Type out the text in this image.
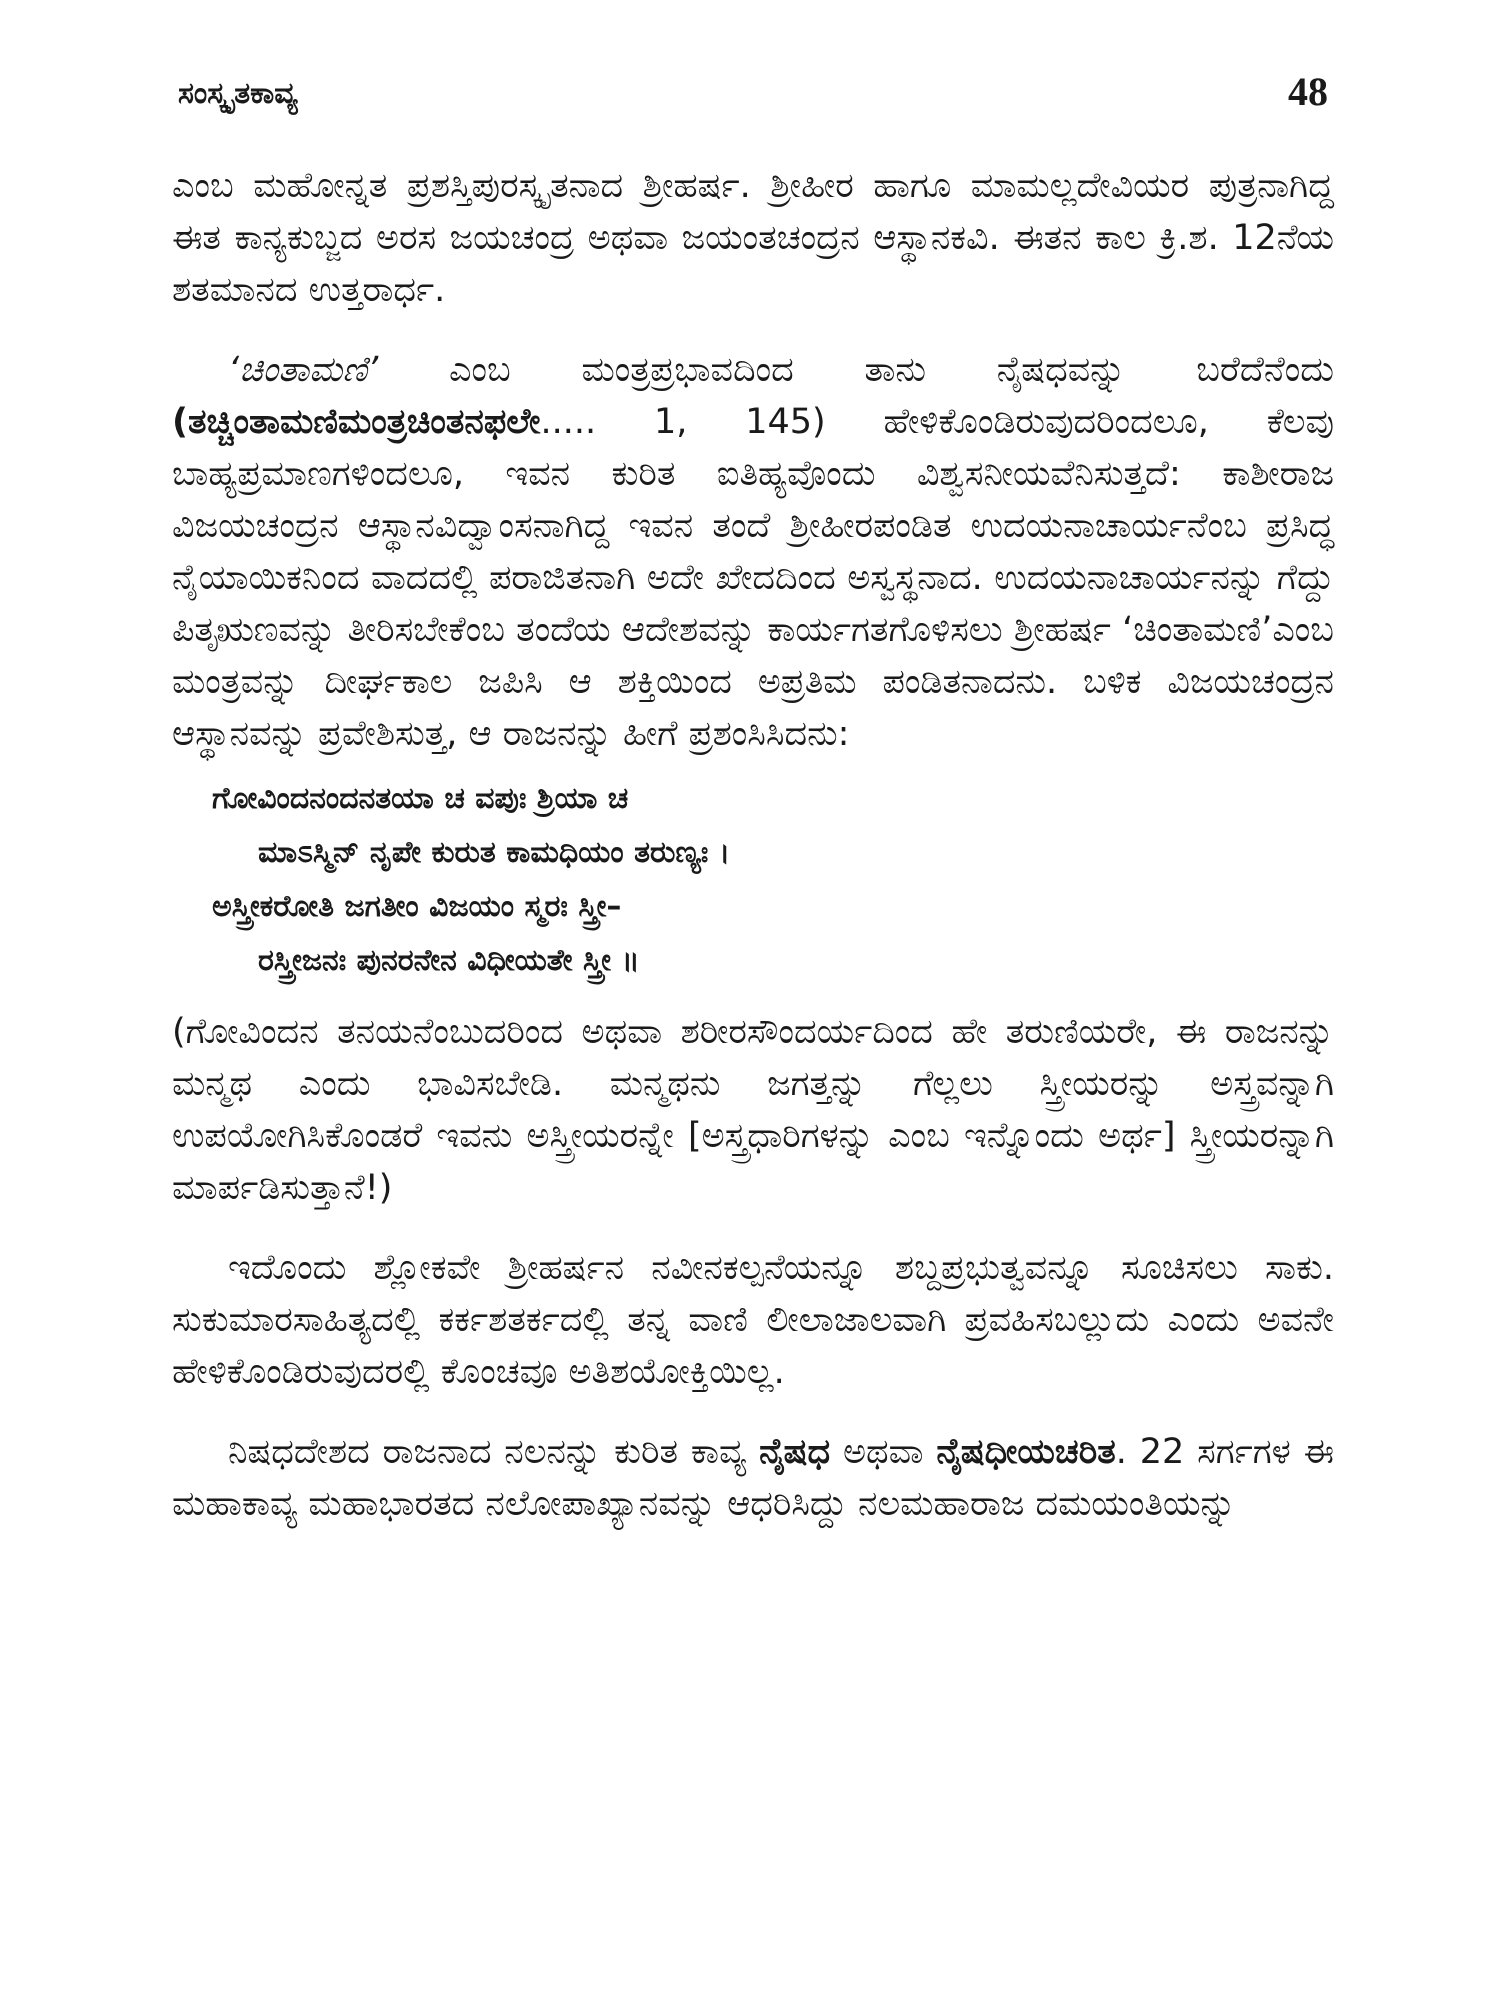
ಸಂಸ್ಕೃತಕಾವ್ಯ	48

ಎಂಬ ಮಹೋನ್ನತ ಪ್ರಶಸ್ತಿಪುರಸ್ಕೃತನಾದ ಶ್ರೀಹರ್ಷ. ಶ್ರೀಹೀರ ಹಾಗೂ ಮಾಮಲ್ಲದೇವಿಯರ ಪುತ್ರನಾಗಿದ್ದ ಈತ ಕಾನ್ಯಕುಬ್ಜದ ಅರಸ ಜಯಚಂದ್ರ ಅಥವಾ ಜಯಂತಚಂದ್ರನ ಆಸ್ಥಾನಕವಿ. ಈತನ ಕಾಲ ಕ್ರಿ.ಶ. 12ನೆಯ ಶತಮಾನದ ಉತ್ತರಾರ್ಧ.

‘ಚಿಂತಾಮಣಿ’ ಎಂಬ ಮಂತ್ರಪ್ರಭಾವದಿಂದ ತಾನು ನೈಷಧವನ್ನು ಬರೆದೆನೆಂದು (ತಚ್ಚಿಂತಾಮಣಿಮಂತ್ರಚಿಂತನಫಲೇ..... 1, 145) ಹೇಳಿಕೊಂಡಿರುವುದರಿಂದಲೂ, ಕೆಲವು ಬಾಹ್ಯಪ್ರಮಾಣಗಳಿಂದಲೂ, ಇವನ ಕುರಿತ ಐತಿಹ್ಯವೊಂದು ವಿಶ್ವಸನೀಯವೆನಿಸುತ್ತದೆ: ಕಾಶೀರಾಜ ವಿಜಯಚಂದ್ರನ ಆಸ್ಥಾನವಿದ್ವಾಂಸನಾಗಿದ್ದ ಇವನ ತಂದೆ ಶ್ರೀಹೀರಪಂಡಿತ ಉದಯನಾಚಾರ್ಯನೆಂಬ ಪ್ರಸಿದ್ಧ ನೈಯಾಯಿಕನಿಂದ ವಾದದಲ್ಲಿ ಪರಾಜಿತನಾಗಿ ಅದೇ ಖೇದದಿಂದ ಅಸ್ವಸ್ಥನಾದ. ಉದಯನಾಚಾರ್ಯನನ್ನು ಗೆದ್ದು ಪಿತೃಋಣವನ್ನು ತೀರಿಸಬೇಕೆಂಬ ತಂದೆಯ ಆದೇಶವನ್ನು ಕಾರ್ಯಗತಗೊಳಿಸಲು ಶ್ರೀಹರ್ಷ ‘ಚಿಂತಾಮಣಿ’ಎಂಬ ಮಂತ್ರವನ್ನು ದೀರ್ಘಕಾಲ ಜಪಿಸಿ ಆ ಶಕ್ತಿಯಿಂದ ಅಪ್ರತಿಮ ಪಂಡಿತನಾದನು. ಬಳಿಕ ವಿಜಯಚಂದ್ರನ ಆಸ್ಥಾನವನ್ನು ಪ್ರವೇಶಿಸುತ್ತ, ಆ ರಾಜನನ್ನು ಹೀಗೆ ಪ್ರಶಂಸಿಸಿದನು:

ಗೋವಿಂದನಂದನತಯಾ ಚ ವಪುಃ ಶ್ರಿಯಾ ಚ
ಮಾಽಸ್ಮಿನ್ ನೃಪೇ ಕುರುತ ಕಾಮಧಿಯಂ ತರುಣ್ಯಃ ।
ಅಸ್ತ್ರೀಕರೋತಿ ಜಗತೀಂ ವಿಜಯಂ ಸ್ಮರಃ ಸ್ತ್ರೀ–
ರಸ್ತ್ರೀಜನಃ ಪುನರನೇನ ವಿಧೀಯತೇ ಸ್ತ್ರೀ ॥

(ಗೋವಿಂದನ ತನಯನೆಂಬುದರಿಂದ ಅಥವಾ ಶರೀರಸೌಂದರ್ಯದಿಂದ ಹೇ ತರುಣಿಯರೇ, ಈ ರಾಜನನ್ನು ಮನ್ಮಥ ಎಂದು ಭಾವಿಸಬೇಡಿ. ಮನ್ಮಥನು ಜಗತ್ತನ್ನು ಗೆಲ್ಲಲು ಸ್ತ್ರೀಯರನ್ನು ಅಸ್ತ್ರವನ್ನಾಗಿ ಉಪಯೋಗಿಸಿಕೊಂಡರೆ ಇವನು ಅಸ್ತ್ರೀಯರನ್ನೇ [ಅಸ್ತ್ರಧಾರಿಗಳನ್ನು ಎಂಬ ಇನ್ನೊಂದು ಅರ್ಥ] ಸ್ತ್ರೀಯರನ್ನಾಗಿ ಮಾರ್ಪಡಿಸುತ್ತಾನೆ!)

ಇದೊಂದು ಶ್ಲೋಕವೇ ಶ್ರೀಹರ್ಷನ ನವೀನಕಲ್ಪನೆಯನ್ನೂ ಶಬ್ದಪ್ರಭುತ್ವವನ್ನೂ ಸೂಚಿಸಲು ಸಾಕು. ಸುಕುಮಾರಸಾಹಿತ್ಯದಲ್ಲಿ ಕರ್ಕಶತರ್ಕದಲ್ಲಿ ತನ್ನ ವಾಣಿ ಲೀಲಾಜಾಲವಾಗಿ ಪ್ರವಹಿಸಬಲ್ಲುದು ಎಂದು ಅವನೇ ಹೇಳಿಕೊಂಡಿರುವುದರಲ್ಲಿ ಕೊಂಚವೂ ಅತಿಶಯೋಕ್ತಿಯಿಲ್ಲ.

ನಿಷಧದೇಶದ ರಾಜನಾದ ನಲನನ್ನು ಕುರಿತ ಕಾವ್ಯ ನೈಷಧ ಅಥವಾ ನೈಷಧೀಯಚರಿತ. 22 ಸರ್ಗಗಳ ಈ ಮಹಾಕಾವ್ಯ ಮಹಾಭಾರತದ ನಲೋಪಾಖ್ಯಾನವನ್ನು ಆಧರಿಸಿದ್ದು ನಲಮಹಾರಾಜ ದಮಯಂತಿಯನ್ನು
